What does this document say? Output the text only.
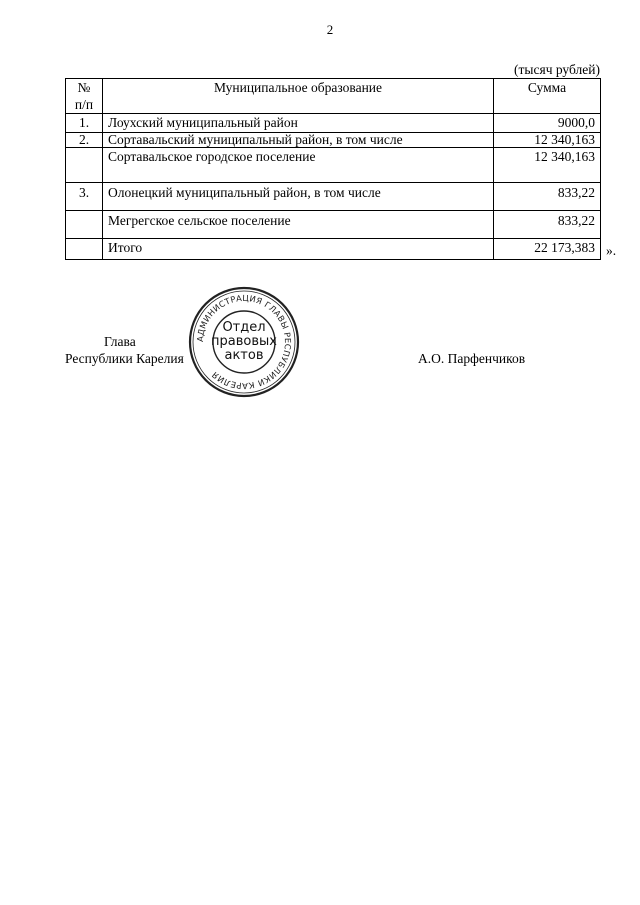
2
(тысяч рублей)
№ п/п	Муниципальное образование	Сумма
1.	Лоухский муниципальный район	9000,0
2.	Сортавальский муниципальный район, в том числе	12 340,163
	Сортавальское городское поселение	12 340,163
3.	Олонецкий муниципальный район, в том числе	833,22
	Мегрегское сельское поселение	833,22
	Итого	22 173,383 ».
Глава
Республики Карелия	А.О. Парфенчиков
АДМИНИСТРАЦИЯ ГЛАВЫ РЕСПУБЛИКИ КАРЕЛИЯ
Отдел
правовых
актов
